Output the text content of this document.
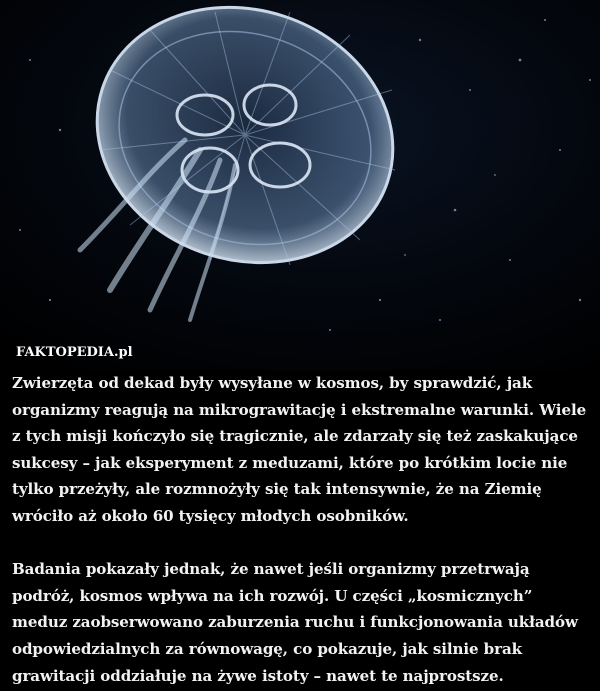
FAKTOPEDIA.pl

Zwierzęta od dekad były wysyłane w kosmos, by sprawdzić, jak organizmy reagują na mikrograwitację i ekstremalne warunki. Wiele z tych misji kończyło się tragicznie, ale zdarzały się też zaskakujące sukcesy – jak eksperyment z meduzami, które po krótkim locie nie tylko przeżyły, ale rozmnożyły się tak intensywnie, że na Ziemię wróciło aż około 60 tysięcy młodych osobników.

Badania pokazały jednak, że nawet jeśli organizmy przetrwają podróż, kosmos wpływa na ich rozwój. U części „kosmicznych” meduz zaobserwowano zaburzenia ruchu i funkcjonowania układów odpowiedzialnych za równowagę, co pokazuje, jak silnie brak grawitacji oddziałuje na żywe istoty – nawet te najprostsze.
